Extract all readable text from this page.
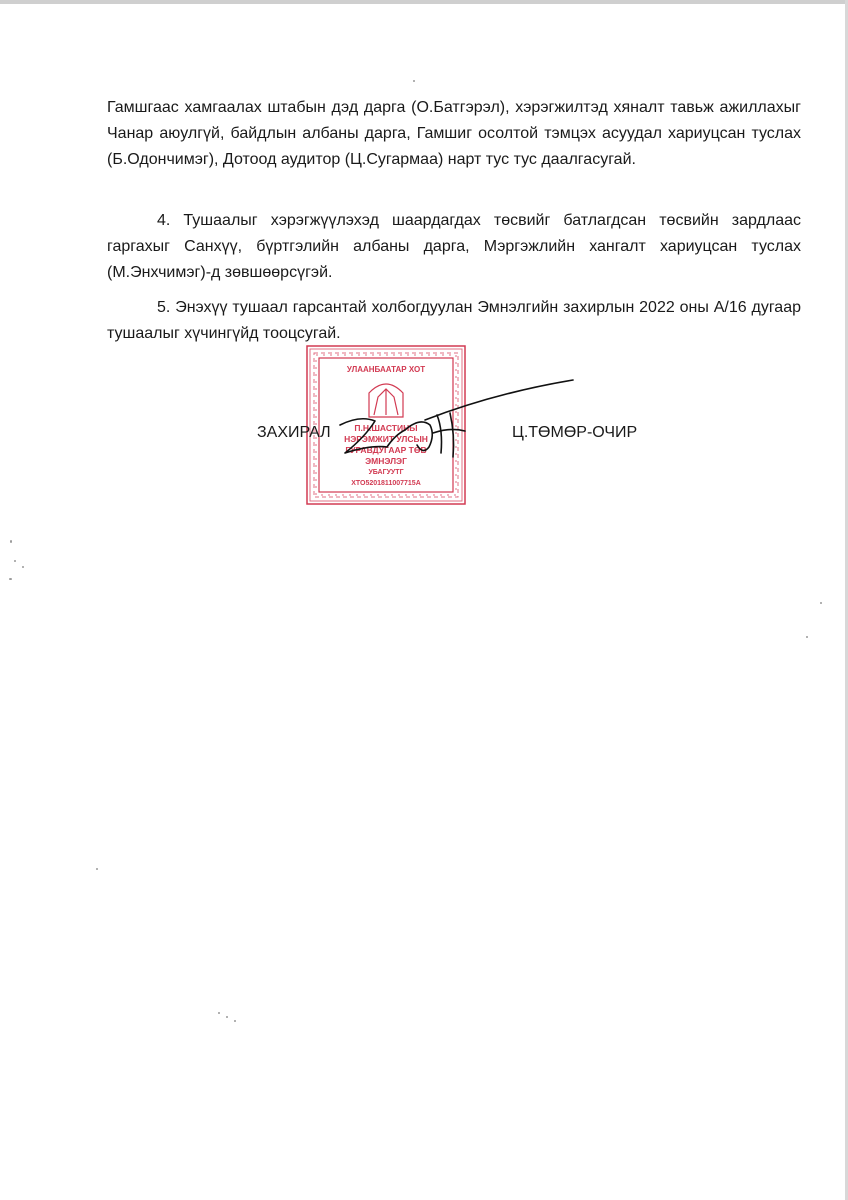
Гамшгаас хамгаалах штабын дэд дарга (О.Батгэрэл), хэрэгжилтэд хяналт тавьж ажиллахыг Чанар аюулгүй, байдлын албаны дарга, Гамшиг осолтой тэмцэх асуудал хариуцсан туслах (Б.Одончимэг), Дотоод аудитор (Ц.Сугармаа) нарт тус тус даалгасугай.

4. Тушаалыг хэрэгжүүлэхэд шаардагдах төсвийг батлагдсан төсвийн зардлаас гаргахыг Санхүү, бүртгэлийн албаны дарга, Мэргэжлийн хангалт хариуцсан туслах (М.Энхчимэг)-д зөвшөөрсүгэй.

5. Энэхүү тушаал гарсантай холбогдуулан Эмнэлгийн захирлын 2022 оны А/16 дугаар тушаалыг хүчингүйд тооцсугай.

УЛААНБААТАР ХОТ
П.Н.ШАСТИНЫ
НЭРЭМЖИТ УЛСЫН
ГУРАВДУГААР ТӨВ
ЭМНЭЛЭГ
УБАГУУТГ
ХТО5201811007715A
ЗАХИРАЛ	Ц.ТӨМӨР-ОЧИР
